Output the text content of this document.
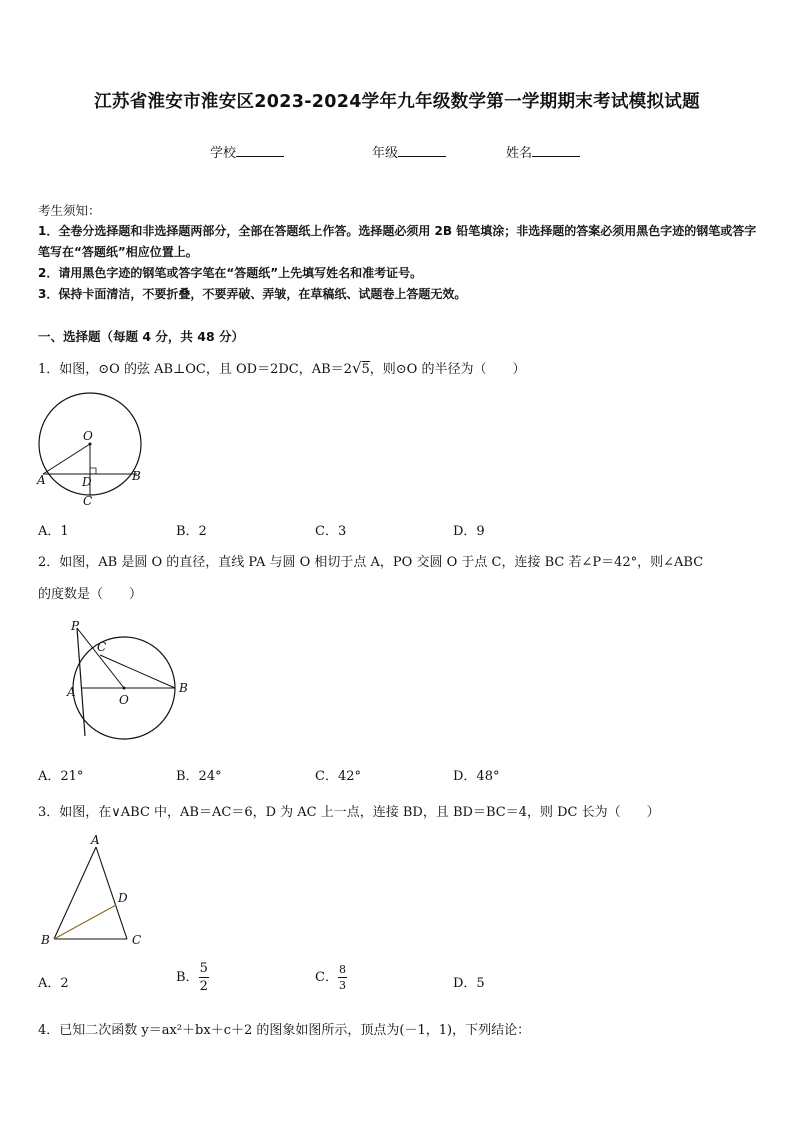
江苏省淮安市淮安区2023-2024学年九年级数学第一学期期末考试模拟试题
学校	年级	姓名
考生须知：
1．全卷分选择题和非选择题两部分，全部在答题纸上作答。选择题必须用 2B 铅笔填涂；非选择题的答案必须用黑色字迹的钢笔或答字笔写在“答题纸”相应位置上。
2．请用黑色字迹的钢笔或答字笔在“答题纸”上先填写姓名和准考证号。
3．保持卡面清洁，不要折叠，不要弄破、弄皱，在草稿纸、试题卷上答题无效。
一、选择题（每题 4 分，共 48 分）
1．如图，⊙O 的弦 AB⊥OC，且 OD＝2DC，AB＝2√5，则⊙O 的半径为（　　）
O
A	B
D
C
A．1	B．2	C．3	D．9
2．如图，AB 是圆 O 的直径，直线 PA 与圆 O 相切于点 A，PO 交圆 O 于点 C，连接 BC 若∠P＝42°，则∠ABC
的度数是（　　）
P
C
A
O
B
A．21°	B．24°	C．42°	D．48°
3．如图，在∨ABC 中，AB＝AC＝6，D 为 AC 上一点，连接 BD，且 BD＝BC＝4，则 DC 长为（　　）
A
B	C
D
A．2	B． $\frac{5}{2}$	C． $\frac{8}{3}$	D．5
4．已知二次函数 y＝ax²＋bx＋c＋2 的图象如图所示，顶点为(－1，1)，下列结论：
